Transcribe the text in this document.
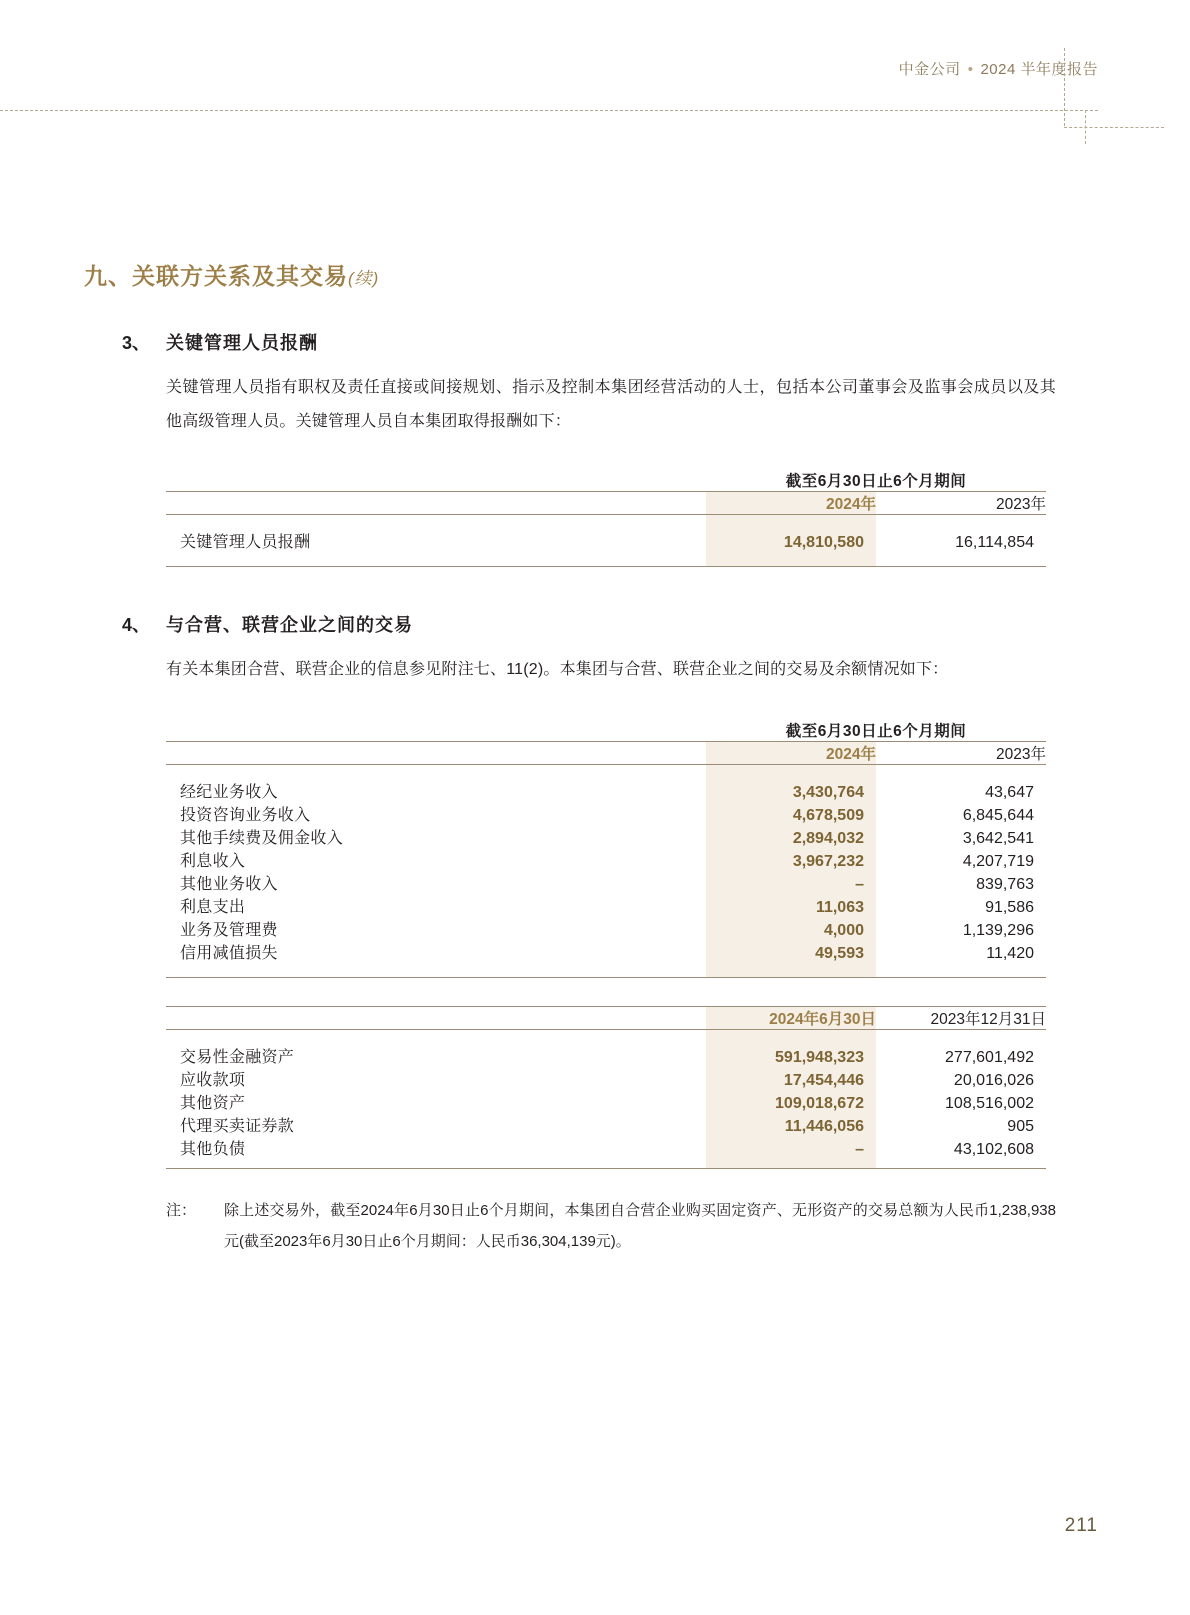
中金公司 • 2024 半年度报告
九、关联方关系及其交易(续)
3、 关键管理人员报酬
关键管理人员指有职权及责任直接或间接规划、指示及控制本集团经营活动的人士，包括本公司董事会及监事会成员以及其他高级管理人员。关键管理人员自本集团取得报酬如下：
	截至6月30日止6个月期间	
	2024年	2023年

关键管理人员报酬	14,810,580	16,114,854

4、 与合营、联营企业之间的交易
有关本集团合营、联营企业的信息参见附注七、11(2)。本集团与合营、联营企业之间的交易及余额情况如下：
	截至6月30日止6个月期间	
	2024年	2023年

经纪业务收入	3,430,764	43,647
投资咨询业务收入	4,678,509	6,845,644
其他手续费及佣金收入	2,894,032	3,642,541
利息收入	3,967,232	4,207,719
其他业务收入	–	839,763
利息支出	11,063	91,586
业务及管理费	4,000	1,139,296
信用减值损失	49,593	11,420

	2024年6月30日	2023年12月31日

交易性金融资产	591,948,323	277,601,492
应收款项	17,454,446	20,016,026
其他资产	109,018,672	108,516,002
代理买卖证券款	11,446,056	905
其他负债	–	43,102,608

注：	除上述交易外，截至2024年6月30日止6个月期间，本集团自合营企业购买固定资产、无形资产的交易总额为人民币1,238,938元(截至2023年6月30日止6个月期间：人民币36,304,139元)。
211
